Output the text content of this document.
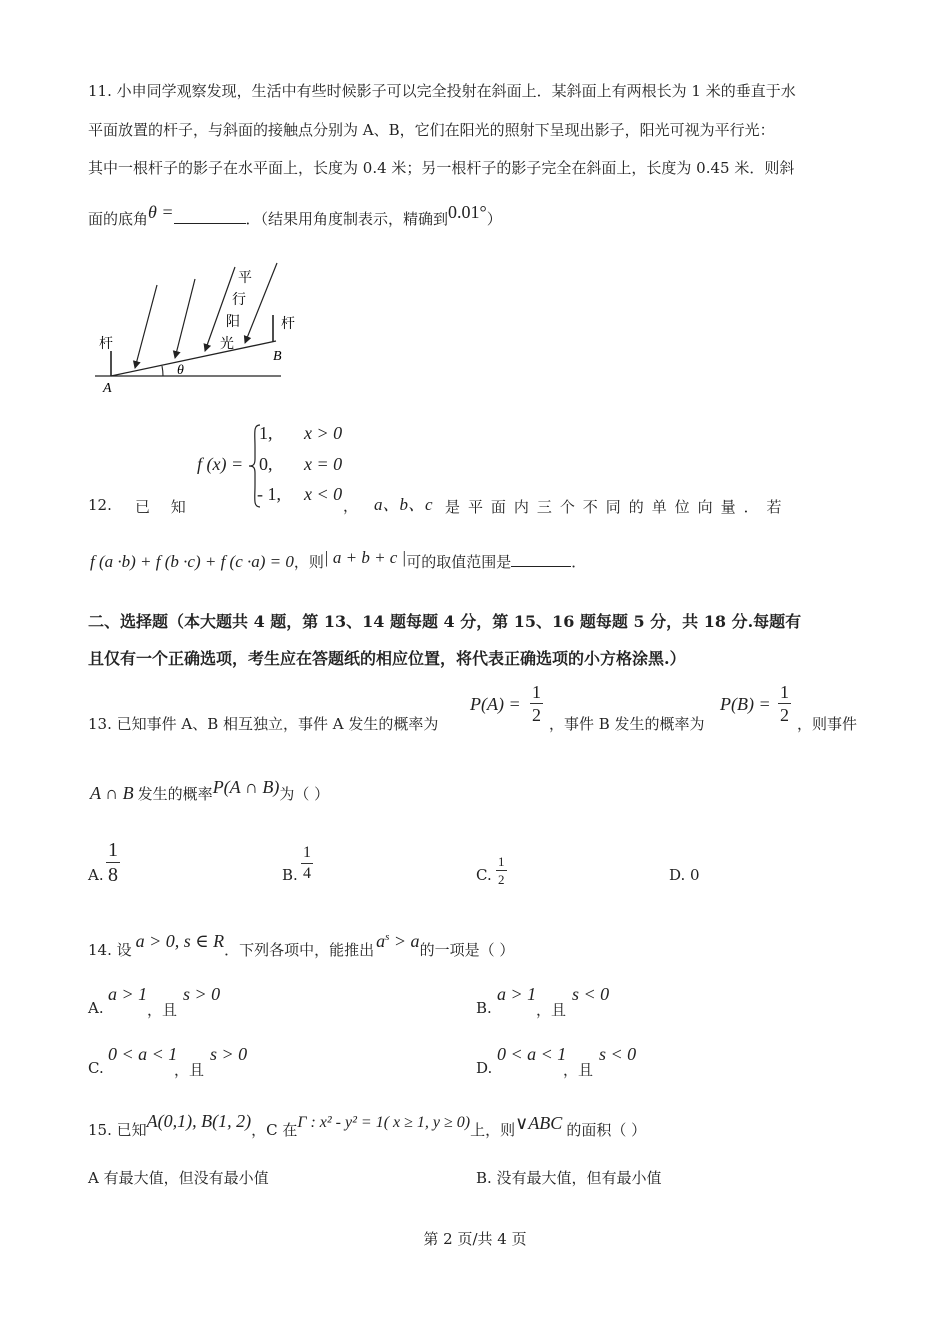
11. 小申同学观察发现，生活中有些时候影子可以完全投射在斜面上．某斜面上有两根长为 1 米的垂直于水
平面放置的杆子，与斜面的接触点分别为 A、B，它们在阳光的照射下呈现出影子，阳光可视为平行光：
其中一根杆子的影子在水平面上，长度为 0.4 米；另一根杆子的影子完全在斜面上，长度为 0.45 米．则斜
面的底角θ =	．（结果用角度制表示，精确到0.01°）
杆
杆
A
B
θ
平
行
阳
光
f (x) =
1, x > 0
0, x = 0
- 1, x < 0
，
12. 已 知	a、b、c 是 平 面 内 三 个 不 同 的 单 位 向 量 ． 若
f (a ·b) + f (b ·c) + f (c ·a) = 0，则| a + b + c |可的取值范围是	．
二、选择题（本大题共 4 题，第 13、14 题每题 4 分，第 15、16 题每题 5 分，共 18 分.每题有
且仅有一个正确选项，考生应在答题纸的相应位置，将代表正确选项的小方格涂黑.）
13. 已知事件 A、B 相互独立，事件 A 发生的概率为
$P(A) = \frac{1}{2}$ ，事件 B 发生的概率为
$P(B) = \frac{1}{2}$ ，则事件
A ∩ B 发生的概率P(A ∩ B)为（ ）
A. $\frac{1}{8}$	B. $\frac{1}{4}$	C. $\frac{1}{2}$	D. 0
14. 设 a > 0, s ∈ R．下列各项中，能推出 $a^s > a$的一项是（ ）
A.
a > 1
，且
s > 0
B.
a > 1
，且
s < 0
C.
0 < a < 1
，且
s > 0
D.
0 < a < 1
，且
s < 0
15. 已知A(0,1), B(1, 2)，C 在Γ : x² - y² = 1( x ≥ 1, y ≥ 0)上，则∨ABC 的面积（ ）
A 有最大值，但没有最小值	B. 没有最大值，但有最小值
第 2 页/共 4 页
